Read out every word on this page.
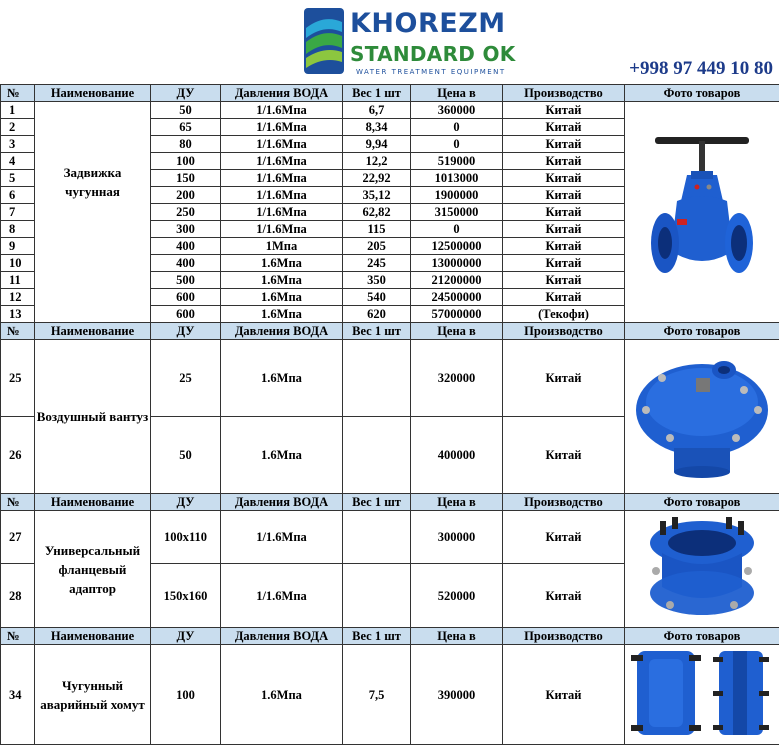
KHOREZM
STANDARD OK
WATER TREATMENT EQUIPMENT	+998 97 449 10 80
№	Наименование	ДУ	Давления ВОДА	Вес 1 шт	Цена в	Производство	Фото товаров
1	Задвижка чугунная	50	1/1.6Мпа	6,7	360000	Китай	
2		65	1/1.6Мпа	8,34	0	Китай	
3		80	1/1.6Мпа	9,94	0	Китай	
4		100	1/1.6Мпа	12,2	519000	Китай	
5		150	1/1.6Мпа	22,92	1013000	Китай	
6		200	1/1.6Мпа	35,12	1900000	Китай	
7		250	1/1.6Мпа	62,82	3150000	Китай	
8		300	1/1.6Мпа	115	0	Китай	
9		400	1Мпа	205	12500000	Китай	
10		400	1.6Мпа	245	13000000	Китай	
11		500	1.6Мпа	350	21200000	Китай	
12		600	1.6Мпа	540	24500000	Китай	
13		600	1.6Мпа	620	57000000	(Текофи)	
№	Наименование	ДУ	Давления ВОДА	Вес 1 шт	Цена в	Производство	Фото товаров
25	Воздушный вантуз	25	1.6Мпа		320000	Китай	
26		50	1.6Мпа		400000	Китай	
№	Наименование	ДУ	Давления ВОДА	Вес 1 шт	Цена в	Производство	Фото товаров
27	Универсальный фланцевый адаптор	100х110	1/1.6Мпа		300000	Китай	
28		150х160	1/1.6Мпа		520000	Китай	
№	Наименование	ДУ	Давления ВОДА	Вес 1 шт	Цена в	Производство	Фото товаров
34	Чугунный аварийный хомут	100	1.6Мпа	7,5	390000	Китай	
